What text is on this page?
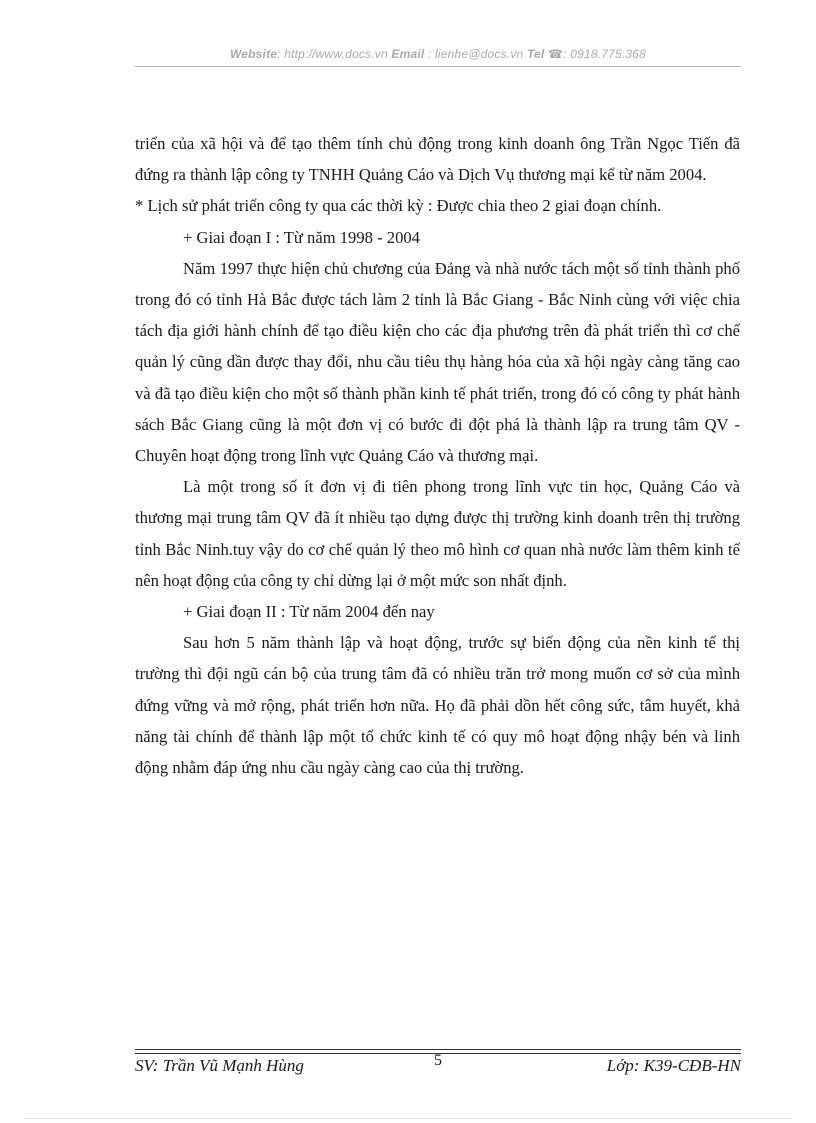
Website: http://www.docs.vn Email : lienhe@docs.vn Tel ☎: 0918.775.368

triển của xã hội và để tạo thêm tính chủ động trong kinh doanh ông Trần Ngọc Tiến đã đứng ra thành lập công ty TNHH Quảng Cáo và Dịch Vụ thương mại kể từ năm 2004.

* Lịch sử phát triển công ty qua các thời kỳ : Được chia theo 2 giai đoạn chính.

+ Giai đoạn I : Từ năm 1998 - 2004

Năm 1997 thực hiện chủ chương của Đảng và nhà nước tách một số tỉnh thành phố trong đó có tỉnh Hà Bắc được tách làm 2 tỉnh là Bắc Giang - Bắc Ninh cùng với việc chia tách địa giới hành chính để tạo điều kiện cho các địa phương trên đà phát triển thì cơ chế quản lý cũng dần được thay đổi, nhu cầu tiêu thụ hàng hóa của xã hội ngày càng tăng cao và đã tạo điều kiện cho một số thành phần kinh tế phát triển, trong đó có công ty phát hành sách Bắc Giang cũng là một đơn vị có bước đi đột phá là thành lập ra trung tâm QV - Chuyên hoạt động trong lĩnh vực Quảng Cáo và thương mại.

Là một trong số ít đơn vị đi tiên phong trong lĩnh vực tin học, Quảng Cáo và thương mại trung tâm QV đã ít nhiều tạo dựng được thị trường kinh doanh trên thị trường tỉnh Bắc Ninh.tuy vậy do cơ chế quản lý theo mô hình cơ quan nhà nước làm thêm kinh tế nên hoạt động của công ty chỉ dừng lại ở một mức son nhất định.

+ Giai đoạn II : Từ năm 2004 đến nay

Sau hơn 5 năm thành lập và hoạt động, trước sự biến động của nền kinh tế thị trường thì đội ngũ cán bộ của trung tâm đã có nhiều trăn trở mong muốn cơ sở của mình đứng vững và mở rộng, phát triển hơn nữa. Họ đã phải dồn hết công sức, tâm huyết, khả năng tài chính để thành lập một tổ chức kinh tế có quy mô hoạt động nhậy bén và linh động nhằm đáp ứng nhu cầu ngày càng cao của thị trường.

SV: Trần Vũ Mạnh Hùng	5	Lớp: K39-CĐB-HN
